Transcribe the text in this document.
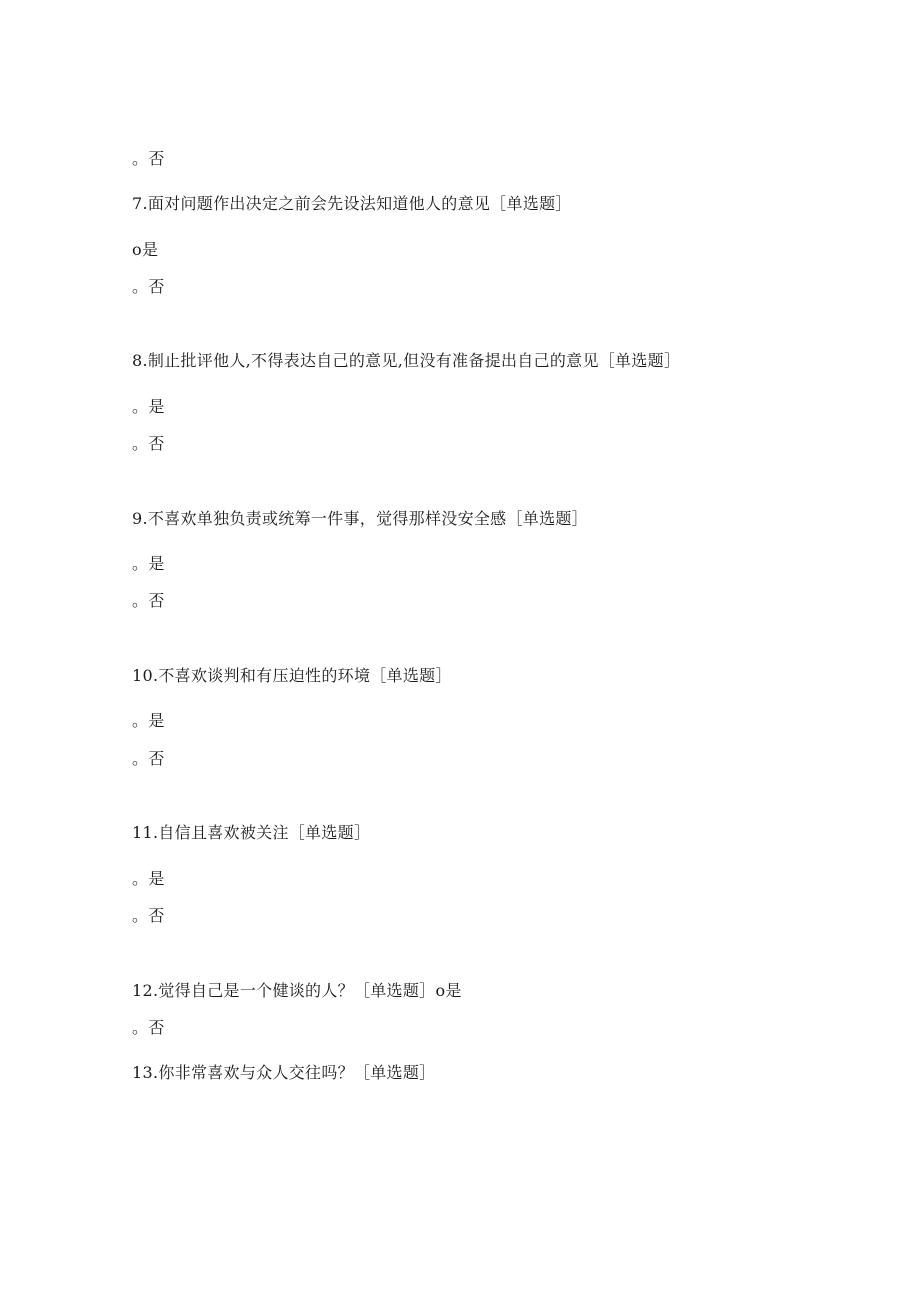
。否
7.面对问题作出决定之前会先设法知道他人的意见［单选题］
o是
。否
8.制止批评他人,不得表达自己的意见,但没有准备提出自己的意见［单选题］
。是
。否
9.不喜欢单独负责或统筹一件事，觉得那样没安全感［单选题］
。是
。否
10.不喜欢谈判和有压迫性的环境［单选题］
。是
。否
11.自信且喜欢被关注［单选题］
。是
。否
12.觉得自己是一个健谈的人？［单选题］o是
。否
13.你非常喜欢与众人交往吗？［单选题］
